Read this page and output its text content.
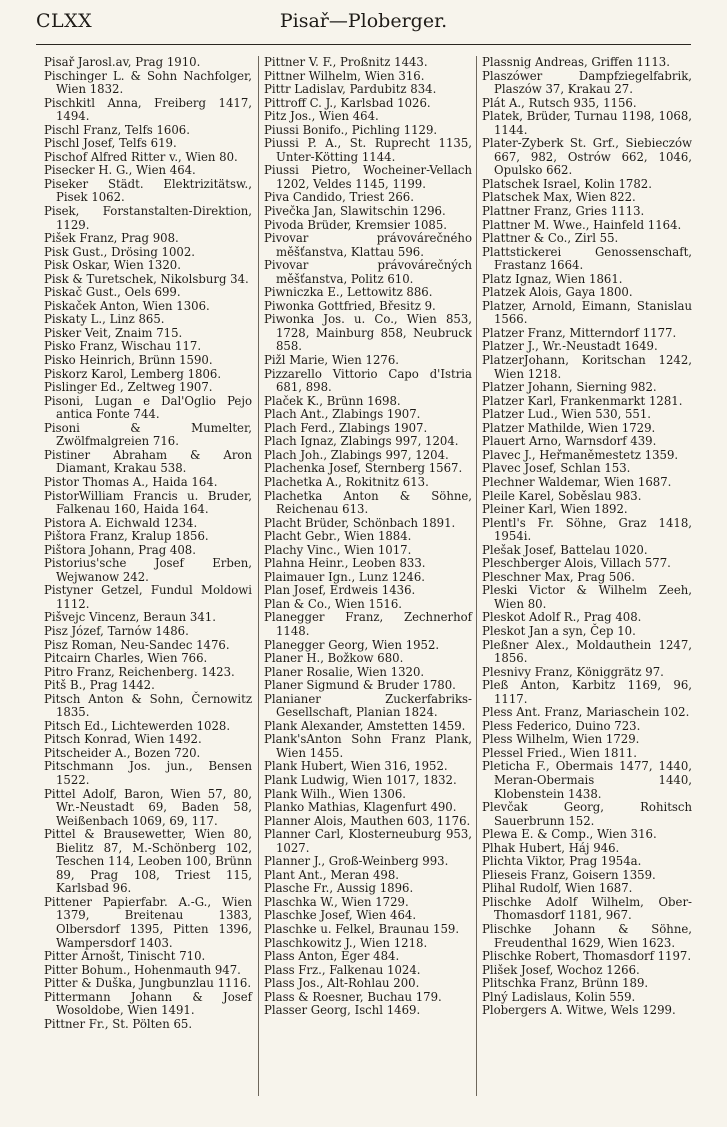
CLXX	Pisař—Ploberger.
Pisař Jarosl.av, Prag 1910.
Pischinger L. & Sohn Nachfolger, Wien 1832.
Pischkitl Anna, Freiberg 1417, 1494.
Pischl Franz, Telfs 1606.
Pischl Josef, Telfs 619.
Pischof Alfred Ritter v., Wien 80.
Pisecker H. G., Wien 464.
Piseker Städt. Elektrizitätsw., Pisek 1062.
Pisek, Forstanstalten-Direktion, 1129.
Pišek Franz, Prag 908.
Pisk Gust., Drösing 1002.
Pisk Oskar, Wien 1320.
Pisk & Turetschek, Nikolsburg 34.
Piskač Gust., Oels 699.
Piskaček Anton, Wien 1306.
Piskaty L., Linz 865.
Pisker Veit, Znaim 715.
Pisko Franz, Wischau 117.
Pisko Heinrich, Brünn 1590.
Piskorz Karol, Lemberg 1806.
Pislinger Ed., Zeltweg 1907.
Pisoni, Lugan e Dal'Oglio Pejo antica Fonte 744.
Pisoni & Mumelter, Zwölfmalgreien 716.
Pistiner Abraham & Aron Diamant, Krakau 538.
Pistor Thomas A., Haida 164.
PistorWilliam Francis u. Bruder, Falkenau 160, Haida 164.
Pistora A. Eichwald 1234.
Pištora Franz, Kralup 1856.
Pištora Johann, Prag 408.
Pistorius'sche Josef Erben, Wejwanow 242.
Pistyner Getzel, Fundul Moldowi 1112.
Pišvejc Vincenz, Beraun 341.
Pisz Józef, Tarnów 1486.
Pisz Roman, Neu-Sandec 1476.
Pitcairn Charles, Wien 766.
Pitro Franz, Reichenberg. 1423.
Pitš B., Prag 1442.
Pitsch Anton & Sohn, Černowitz 1835.
Pitsch Ed., Lichtewerden 1028.
Pitsch Konrad, Wien 1492.
Pitscheider A., Bozen 720.
Pitschmann Jos. jun., Bensen 1522.
Pittel Adolf, Baron, Wien 57, 80, Wr.-Neustadt 69, Baden 58, Weißenbach 1069, 69, 117.
Pittel & Brausewetter, Wien 80, Bielitz 87, M.-Schönberg 102, Teschen 114, Leoben 100, Brünn 89, Prag 108, Triest 115, Karlsbad 96.
Pittener Papierfabr. A.-G., Wien 1379, Breitenau 1383, Olbersdorf 1395, Pitten 1396, Wampersdorf 1403.
Pitter Arnošt, Tinischt 710.
Pitter Bohum., Hohenmauth 947.
Pitter & Duška, Jungbunzlau 1116.
Pittermann Johann & Josef Wosoldobe, Wien 1491.
Pittner Fr., St. Pölten 65.
Pittner V. F., Proßnitz 1443.
Pittner Wilhelm, Wien 316.
Pittr Ladislav, Pardubitz 834.
Pittroff C. J., Karlsbad 1026.
Pitz Jos., Wien 464.
Piussi Bonifo., Pichling 1129.
Piussi P. A., St. Ruprecht 1135, Unter-Kötting 1144.
Piussi Pietro, Wocheiner-Vellach 1202, Veldes 1145, 1199.
Piva Candido, Triest 266.
Pivečka Jan, Slawitschin 1296.
Pivoda Brüder, Kremsier 1085.
Pivovar právovárečného měšťanstva, Klattau 596.
Pivovar právovárečných měšťanstva, Politz 610.
Piwniczka E., Lettowitz 886.
Piwonka Gottfried, Břesitz 9.
Piwonka Jos. u. Co., Wien 853, 1728, Mainburg 858, Neubruck 858.
Pižl Marie, Wien 1276.
Pizzarello Vittorio Capo d'Istria 681, 898.
Plaček K., Brünn 1698.
Plach Ant., Zlabings 1907.
Plach Ferd., Zlabings 1907.
Plach Ignaz, Zlabings 997, 1204.
Plach Joh., Zlabings 997, 1204.
Plachenka Josef, Sternberg 1567.
Plachetka A., Rokitnitz 613.
Plachetka Anton & Söhne, Reichenau 613.
Placht Brüder, Schönbach 1891.
Placht Gebr., Wien 1884.
Plachy Vinc., Wien 1017.
Plahna Heinr., Leoben 833.
Plaimauer Ign., Lunz 1246.
Plan Josef, Erdweis 1436.
Plan & Co., Wien 1516.
Planegger Franz, Zechnerhof 1148.
Planegger Georg, Wien 1952.
Planer H., Božkow 680.
Planer Rosalie, Wien 1320.
Planer Sigmund & Bruder 1780.
Planianer Zuckerfabriks-Gesellschaft, Planian 1824.
Plank Alexander, Amstetten 1459.
Plank'sAnton Sohn Franz Plank, Wien 1455.
Plank Hubert, Wien 316, 1952.
Plank Ludwig, Wien 1017, 1832.
Plank Wilh., Wien 1306.
Planko Mathias, Klagenfurt 490.
Planner Alois, Mauthen 603, 1176.
Planner Carl, Klosterneuburg 953, 1027.
Planner J., Groß-Weinberg 993.
Plant Ant., Meran 498.
Plasche Fr., Aussig 1896.
Plaschka W., Wien 1729.
Plaschke Josef, Wien 464.
Plaschke u. Felkel, Braunau 159.
Plaschkowitz J., Wien 1218.
Plass Anton, Eger 484.
Plass Frz., Falkenau 1024.
Plass Jos., Alt-Rohlau 200.
Plass & Roesner, Buchau 179.
Plasser Georg, Ischl 1469.
Plassnig Andreas, Griffen 1113.
Plaszówer Dampfziegelfabrik, Plaszów 37, Krakau 27.
Plát A., Rutsch 935, 1156.
Platek, Brüder, Turnau 1198, 1068, 1144.
Plater-Zyberk St. Grf., Siebieczów 667, 982, Ostrów 662, 1046, Opulsko 662.
Platschek Israel, Kolin 1782.
Platschek Max, Wien 822.
Plattner Franz, Gries 1113.
Plattner M. Wwe., Hainfeld 1164.
Plattner & Co., Zirl 55.
Plattstickerei Genossenschaft, Frastanz 1664.
Platz Ignaz, Wien 1861.
Platzek Alois, Gaya 1800.
Platzer, Arnold, Eimann, Stanislau 1566.
Platzer Franz, Mitterndorf 1177.
Platzer J., Wr.-Neustadt 1649.
PlatzerJohann, Koritschan 1242, Wien 1218.
Platzer Johann, Sierning 982.
Platzer Karl, Frankenmarkt 1281.
Platzer Lud., Wien 530, 551.
Platzer Mathilde, Wien 1729.
Plauert Arno, Warnsdorf 439.
Plavec J., Heřmaněmestetz 1359.
Plavec Josef, Schlan 153.
Plechner Waldemar, Wien 1687.
Pleile Karel, Soběslau 983.
Pleiner Karl, Wien 1892.
Plentl's Fr. Söhne, Graz 1418, 1954i.
Plešak Josef, Battelau 1020.
Pleschberger Alois, Villach 577.
Pleschner Max, Prag 506.
Pleski Victor & Wilhelm Zeeh, Wien 80.
Pleskot Adolf R., Prag 408.
Pleskot Jan a syn, Čep 10.
Pleßner Alex., Moldauthein 1247, 1856.
Plesnivy Franz, Königgrätz 97.
Pleß Anton, Karbitz 1169, 96, 1117.
Pless Ant. Franz, Mariaschein 102.
Pless Federico, Duino 723.
Pless Wilhelm, Wien 1729.
Plessel Fried., Wien 1811.
Pleticha F., Obermais 1477, 1440, Meran-Obermais 1440, Klobenstein 1438.
Plevčak Georg, Rohitsch Sauerbrunn 152.
Plewa E. & Comp., Wien 316.
Plhak Hubert, Háj 946.
Plichta Viktor, Prag 1954a.
Plieseis Franz, Goisern 1359.
Plihal Rudolf, Wien 1687.
Plischke Adolf Wilhelm, Ober-Thomasdorf 1181, 967.
Plischke Johann & Söhne, Freudenthal 1629, Wien 1623.
Plischke Robert, Thomasdorf 1197.
Plišek Josef, Wochoz 1266.
Plitschka Franz, Brünn 189.
Plný Ladislaus, Kolin 559.
Plobergers A. Witwe, Wels 1299.
